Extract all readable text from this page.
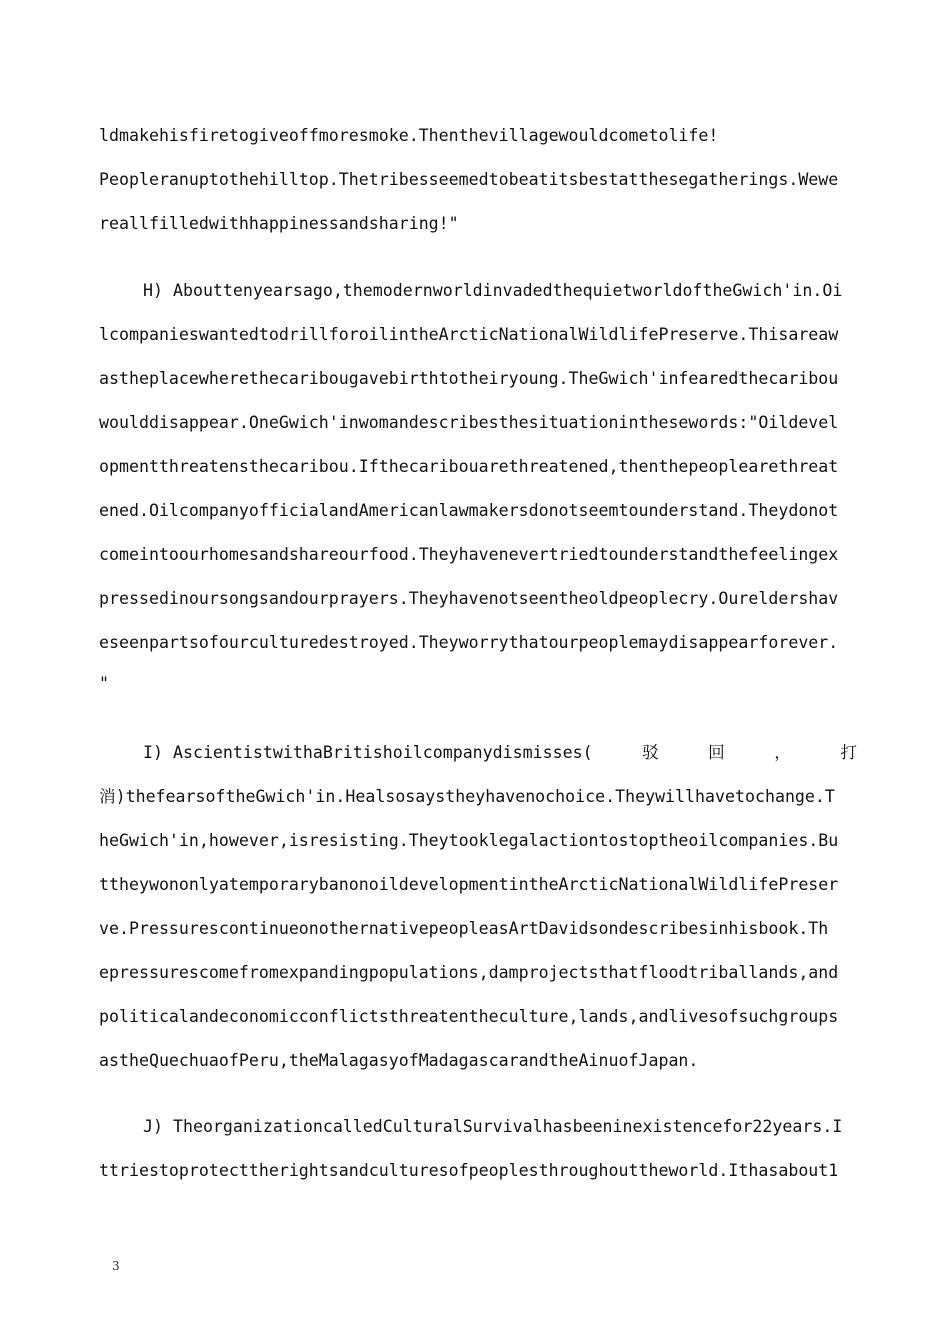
ldmakehisfiretogiveoffmoresmoke.Thenthevillagewouldcometolife!
Peopleranuptothehilltop.Thetribesseemedtobeatitsbestatthesegatherings.Wewe
reallfilledwithhappinessandsharing!"
H) Abouttenyearsago,themodernworldinvadedthequietworldoftheGwich'in.Oi
lcompanieswantedtodrillforoilintheArcticNationalWildlifePreserve.Thisareaw
astheplacewherethecaribougavebirthtotheiryoung.TheGwich'infearedthecaribou
woulddisappear.OneGwich'inwomandescribesthesituationinthesewords:"Oildevel
opmentthreatensthecaribou.Ifthecaribouarethreatened,thenthepeoplearethreat
ened.OilcompanyofficialandAmericanlawmakersdonotseemtounderstand.Theydonot
comeintoourhomesandshareourfood.Theyhavenevertriedtounderstandthefeelingex
pressedinoursongsandourprayers.Theyhavenotseentheoldpeoplecry.Oureldershav
eseenpartsofourculturedestroyed.Theyworrythatourpeoplemaydisappearforever.
"
I) AscientistwithaBritishoilcompanydismisses(	驳	回	，	打
消)thefearsoftheGwich'in.Healsosaystheyhavenochoice.Theywillhavetochange.T
heGwich'in,however,isresisting.Theytooklegalactiontostoptheoilcompanies.Bu
ttheywononlyatemporarybanonoildevelopmentintheArcticNationalWildlifePreser
ve.PressurescontinueonothernativepeopleasArtDavidsondescribesinhisbook.Th
epressurescomefromexpandingpopulations,damprojectsthatfloodtriballands,and
politicalandeconomicconflictsthreatentheculture,lands,andlivesofsuchgroups
astheQuechuaofPeru,theMalagasyofMadagascarandtheAinuofJapan.
J) TheorganizationcalledCulturalSurvivalhasbeeninexistencefor22years.I
ttriestoprotecttherightsandculturesofpeoplesthroughouttheworld.Ithasabout1
3
